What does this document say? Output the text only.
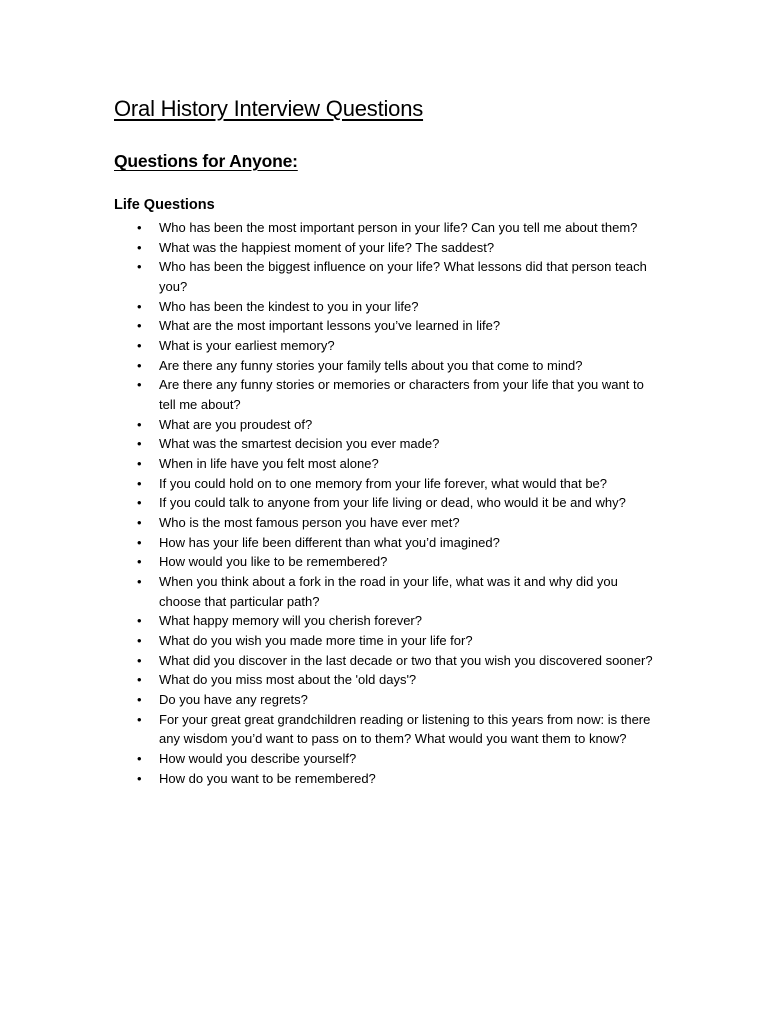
Oral History Interview Questions
Questions for Anyone:
Life Questions
• Who has been the most important person in your life? Can you tell me about them?
• What was the happiest moment of your life? The saddest?
• Who has been the biggest influence on your life? What lessons did that person teach you?
• Who has been the kindest to you in your life?
• What are the most important lessons you’ve learned in life?
• What is your earliest memory?
• Are there any funny stories your family tells about you that come to mind?
• Are there any funny stories or memories or characters from your life that you want to tell me about?
• What are you proudest of?
• What was the smartest decision you ever made?
• When in life have you felt most alone?
• If you could hold on to one memory from your life forever, what would that be?
• If you could talk to anyone from your life living or dead, who would it be and why?
• Who is the most famous person you have ever met?
• How has your life been different than what you’d imagined?
• How would you like to be remembered?
• When you think about a fork in the road in your life, what was it and why did you choose that particular path?
• What happy memory will you cherish forever?
• What do you wish you made more time in your life for?
• What did you discover in the last decade or two that you wish you discovered sooner?
• What do you miss most about the 'old days'?
• Do you have any regrets?
• For your great great grandchildren reading or listening to this years from now: is there any wisdom you’d want to pass on to them? What would you want them to know?
• How would you describe yourself?
• How do you want to be remembered?
